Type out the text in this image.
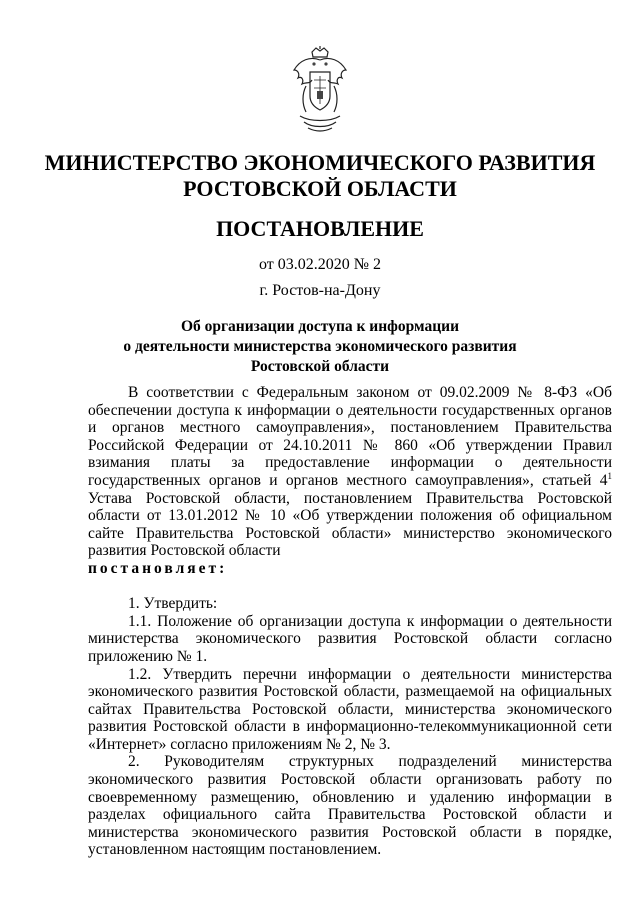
МИНИСТЕРСТВО ЭКОНОМИЧЕСКОГО РАЗВИТИЯ
РОСТОВСКОЙ ОБЛАСТИ
ПОСТАНОВЛЕНИЕ
от 03.02.2020 № 2
г. Ростов-на-Дону
Об организации доступа к информации
о деятельности министерства экономического развития
Ростовской области

В соответствии с Федеральным законом от 09.02.2009 № 8-ФЗ «Об обеспечении доступа к информации о деятельности государственных органов и органов местного самоуправления», постановлением Правительства Российской Федерации от 24.10.2011 № 860 «Об утверждении Правил взимания платы за предоставление информации о деятельности государственных органов и органов местного самоуправления», статьей $4^1$ Устава Ростовской области, постановлением Правительства Ростовской области от 13.01.2012 № 10 «Об утверждении положения об официальном сайте Правительства Ростовской области» министерство экономического развития Ростовской области

постановляет:

1. Утвердить:

1.1. Положение об организации доступа к информации о деятельности министерства экономического развития Ростовской области согласно приложению № 1.

1.2. Утвердить перечни информации о деятельности министерства экономического развития Ростовской области, размещаемой на официальных сайтах Правительства Ростовской области, министерства экономического развития Ростовской области в информационно-телекоммуникационной сети «Интернет» согласно приложениям № 2, № 3.

2. Руководителям структурных подразделений министерства экономического развития Ростовской области организовать работу по своевременному размещению, обновлению и удалению информации в разделах официального сайта Правительства Ростовской области и министерства экономического развития Ростовской области в порядке, установленном настоящим постановлением.
